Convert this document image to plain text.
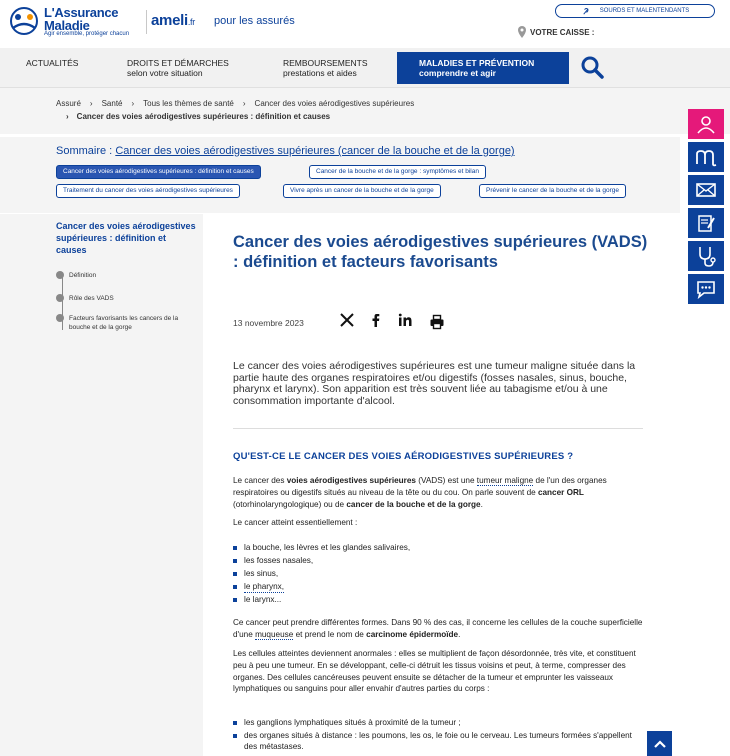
L'Assurance
Maladie
Agir ensemble, protéger chacun
ameli.fr pour les assurés
SOURDS ET MALENTENDANTS
VOTRE CAISSE :
ACTUALITÉS	DROITS ET DÉMARCHES
selon votre situation
REMBOURSEMENTS
prestations et aides
MALADIES ET PRÉVENTION
comprendre et agir
Assuré › Santé › Tous les thèmes de santé › Cancer des voies aérodigestives supérieures
› Cancer des voies aérodigestives supérieures : définition et causes
Sommaire : Cancer des voies aérodigestives supérieures (cancer de la bouche et de la gorge)
Cancer des voies aérodigestives supérieures : définition et causes	Cancer de la bouche et de la gorge : symptômes et bilan
Traitement du cancer des voies aérodigestives supérieures	Vivre après un cancer de la bouche et de la gorge	Prévenir le cancer de la bouche et de la gorge
Cancer des voies aérodigestives supérieures : définition et causes
Définition
Rôle des VADS
Facteurs favorisants les cancers de la bouche et de la gorge
Cancer des voies aérodigestives supérieures (VADS) : définition et facteurs favorisants
13 novembre 2023

Le cancer des voies aérodigestives supérieures est une tumeur maligne située dans la partie haute des organes respiratoires et/ou digestifs (fosses nasales, sinus, bouche, pharynx et larynx). Son apparition est très souvent liée au tabagisme et/ou à une consommation importante d'alcool.

QU'EST-CE LE CANCER DES VOIES AÉRODIGESTIVES SUPÉRIEURES ?

Le cancer des voies aérodigestives supérieures (VADS) est une tumeur maligne de l'un des organes respiratoires ou digestifs situés au niveau de la tête ou du cou. On parle souvent de cancer ORL (otorhinolaryngologique) ou de cancer de la bouche et de la gorge.

Le cancer atteint essentiellement :

la bouche, les lèvres et les glandes salivaires,
les fosses nasales,
les sinus,
le pharynx,
le larynx...

Ce cancer peut prendre différentes formes. Dans 90 % des cas, il concerne les cellules de la couche superficielle d'une muqueuse et prend le nom de carcinome épidermoïde.

Les cellules atteintes deviennent anormales : elles se multiplient de façon désordonnée, très vite, et constituent peu à peu une tumeur. En se développant, celle-ci détruit les tissus voisins et peut, à terme, compresser des organes. Des cellules cancéreuses peuvent ensuite se détacher de la tumeur et emprunter les vaisseaux lymphatiques ou sanguins pour aller envahir d'autres parties du corps :

les ganglions lymphatiques situés à proximité de la tumeur ;
des organes situés à distance : les poumons, les os, le foie ou le cerveau. Les tumeurs formées s'appellent des métastases.
